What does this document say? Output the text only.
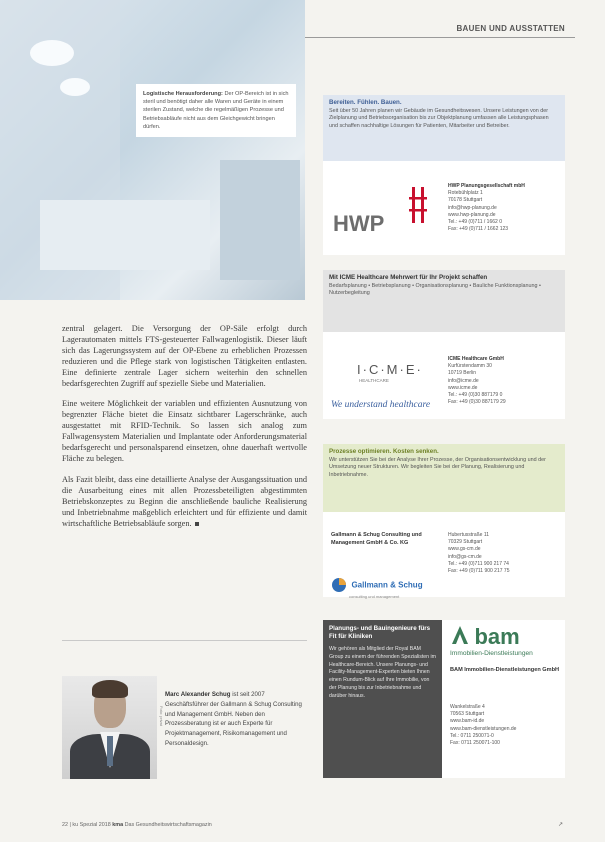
Logistische Herausforderung: Der OP-Bereich ist in sich steril und benötigt daher alle Waren und Geräte in einem sterilen Zustand, welche die regelmäßigen Prozesse und Betriebsabläufe nicht aus dem Gleichgewicht bringen dürfen.
BAUEN UND AUSSTATTEN

zentral gelagert. Die Versorgung der OP-Säle erfolgt durch Lagerautomaten mittels FTS-gesteuerter Fallwagenlogistik. Dieser läuft sich das Lagerungssystem auf der OP-Ebene zu erheblichen Prozessen reduzieren und die Pflege stark von logistischen Tätigkeiten entlasten. Eine definierte zentrale Lager sichern weiterhin den schnellen bedarfsgerechten Zugriff auf spezielle Siebe und Materialien.

Eine weitere Möglichkeit der variablen und effizienten Ausnutzung von begrenzter Fläche bietet die Einsatz sichtbarer Lagerschränke, auch ausgestattet mit RFID-Technik. So lassen sich analog zum Fallwagensystem Materialien und Implantate oder Anforderungsmaterial bedarfsgerecht und personalsparend einsetzen, ohne dauerhaft wertvolle Fläche zu belegen.

Als Fazit bleibt, dass eine detaillierte Analyse der Ausgangssituation und die Ausarbeitung eines mit allen Prozessbeteiligten abgestimmten Betriebskonzeptes zu Beginn die anschließende bauliche Realisierung und Inbetriebnahme maßgeblich erleichtert und für effiziente und damit wirtschaftliche Betriebsabläufe sorgen.

Foto: privat
Marc Alexander Schug ist seit 2007 Geschäftsführer der Gallmann & Schug Consulting und Management GmbH. Neben den Prozessberatung ist er auch Experte für Projektmanagement, Risikomanagement und Personaldesign.
22 | ku Spezial 2018 kma Das Gesundheitswirtschaftsmagazin	↗
Bereiten. Fühlen. Bauen.
Seit über 50 Jahren planen wir Gebäude im Gesundheitswesen. Unsere Leistungen von der Zielplanung und Betriebsorganisation bis zur Objektplanung umfassen alle Leistungsphasen und schaffen nachhaltige Lösungen für Patienten, Mitarbeiter und Betreiber.
HWP
HWP Planungsgesellschaft mbH
Rotebühlplatz 1
70178 Stuttgart
info@hwp-planung.de
www.hwp-planung.de
Tel.: +49 (0)711 / 1662 0
Fax: +49 (0)711 / 1662 123
Mit ICME Healthcare Mehrwert für Ihr Projekt schaffen
Bedarfsplanung • Betriebsplanung • Organisationsplanung • Bauliche Funktionsplanung • Nutzerbegleitung
I·C·M·E·
HEALTHCARE
We understand healthcare
ICME Healthcare GmbH
Kurfürstendamm 30
10719 Berlin
info@icme.de
www.icme.de
Tel.: +49 (0)30 887179 0
Fax: +49 (0)30 887179 29
Prozesse optimieren. Kosten senken.
Wir unterstützen Sie bei der Analyse Ihrer Prozesse, der Organisationsentwicklung und der Umsetzung neuer Strukturen. Wir begleiten Sie bei der Planung, Realisierung und Inbetriebnahme.
Gallmann & Schug Consulting und Management GmbH & Co. KG
Gallmann & Schug
consulting und management
Hubertusstraße 11
70329 Stuttgart
www.gs-cm.de
info@gs-cm.de
Tel.: +49 (0)711 900 217 74
Fax: +49 (0)711 900 217 75
Planungs- und Bauingenieure fürs Fit für Kliniken
Wir gehören als Mitglied der Royal BAM Group zu einem der führenden Spezialisten im Healthcare-Bereich. Unsere Planungs- und Facility-Management-Experten bieten Ihnen einen Rundum-Blick auf Ihre Immobilie, von der Planung bis zur Inbetriebnahme und darüber hinaus.
bam
Immobilien-Dienstleistungen
BAM Immobilien-Dienstleistungen GmbH
Wankelstraße 4
70563 Stuttgart
www.bam-id.de
www.bam-dienstleistungen.de
Tel.: 0711 250071-0
Fax: 0711 250071-100
